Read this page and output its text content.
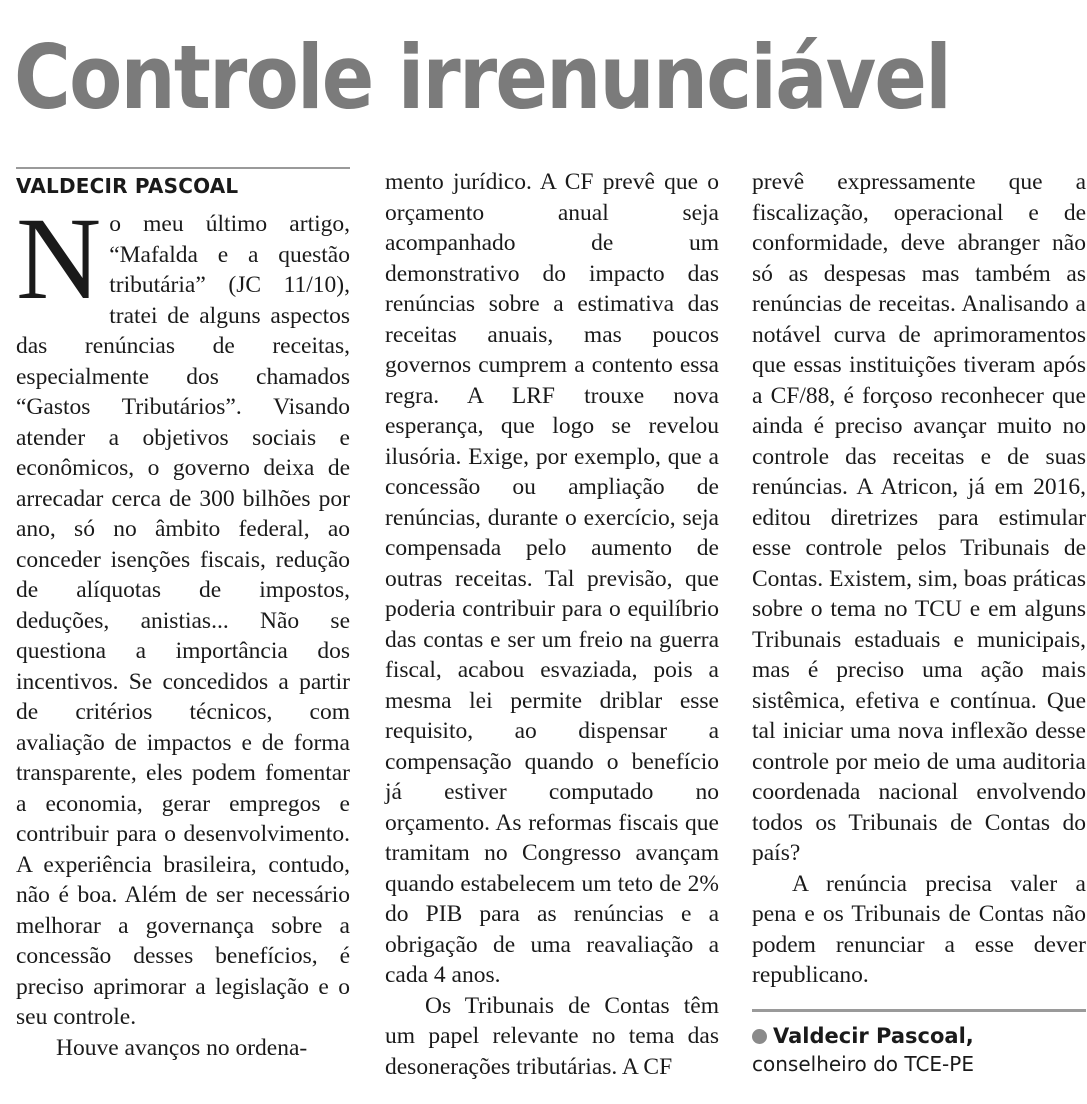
Controle irrenunciável
VALDECIR PASCOAL

No meu último artigo, “Mafalda e a questão tributária” (JC 11/10), tratei de alguns aspectos das renúncias de receitas, especialmente dos chamados “Gastos Tributários”. Visando atender a objetivos sociais e econômicos, o governo deixa de arrecadar cerca de 300 bilhões por ano, só no âmbito federal, ao conceder isenções fiscais, redução de alíquotas de impostos, deduções, anistias... Não se questiona a importância dos incentivos. Se concedidos a partir de critérios técnicos, com avaliação de impactos e de forma transparente, eles podem fomentar a economia, gerar empregos e contribuir para o desenvolvimento. A experiência brasileira, contudo, não é boa. Além de ser necessário melhorar a governança sobre a concessão desses benefícios, é preciso aprimorar a legislação e o seu controle.

Houve avanços no ordena-

mento jurídico. A CF prevê que o orçamento anual seja acompanhado de um demonstrativo do impacto das renúncias sobre a estimativa das receitas anuais, mas poucos governos cumprem a contento essa regra. A LRF trouxe nova esperança, que logo se revelou ilusória. Exige, por exemplo, que a concessão ou ampliação de renúncias, durante o exercício, seja compensada pelo aumento de outras receitas. Tal previsão, que poderia contribuir para o equilíbrio das contas e ser um freio na guerra fiscal, acabou esvaziada, pois a mesma lei permite driblar esse requisito, ao dispensar a compensação quando o benefício já estiver computado no orçamento. As reformas fiscais que tramitam no Congresso avançam quando estabelecem um teto de 2% do PIB para as renúncias e a obrigação de uma reavaliação a cada 4 anos.

Os Tribunais de Contas têm um papel relevante no tema das desonerações tributárias. A CF

prevê expressamente que a fiscalização, operacional e de conformidade, deve abranger não só as despesas mas também as renúncias de receitas. Analisando a notável curva de aprimoramentos que essas instituições tiveram após a CF/88, é forçoso reconhecer que ainda é preciso avançar muito no controle das receitas e de suas renúncias. A Atricon, já em 2016, editou diretrizes para estimular esse controle pelos Tribunais de Contas. Existem, sim, boas práticas sobre o tema no TCU e em alguns Tribunais estaduais e municipais, mas é preciso uma ação mais sistêmica, efetiva e contínua. Que tal iniciar uma nova inflexão desse controle por meio de uma auditoria coordenada nacional envolvendo todos os Tribunais de Contas do país?

A renúncia precisa valer a pena e os Tribunais de Contas não podem renunciar a esse dever republicano.

Valdecir Pascoal,
conselheiro do TCE-PE
